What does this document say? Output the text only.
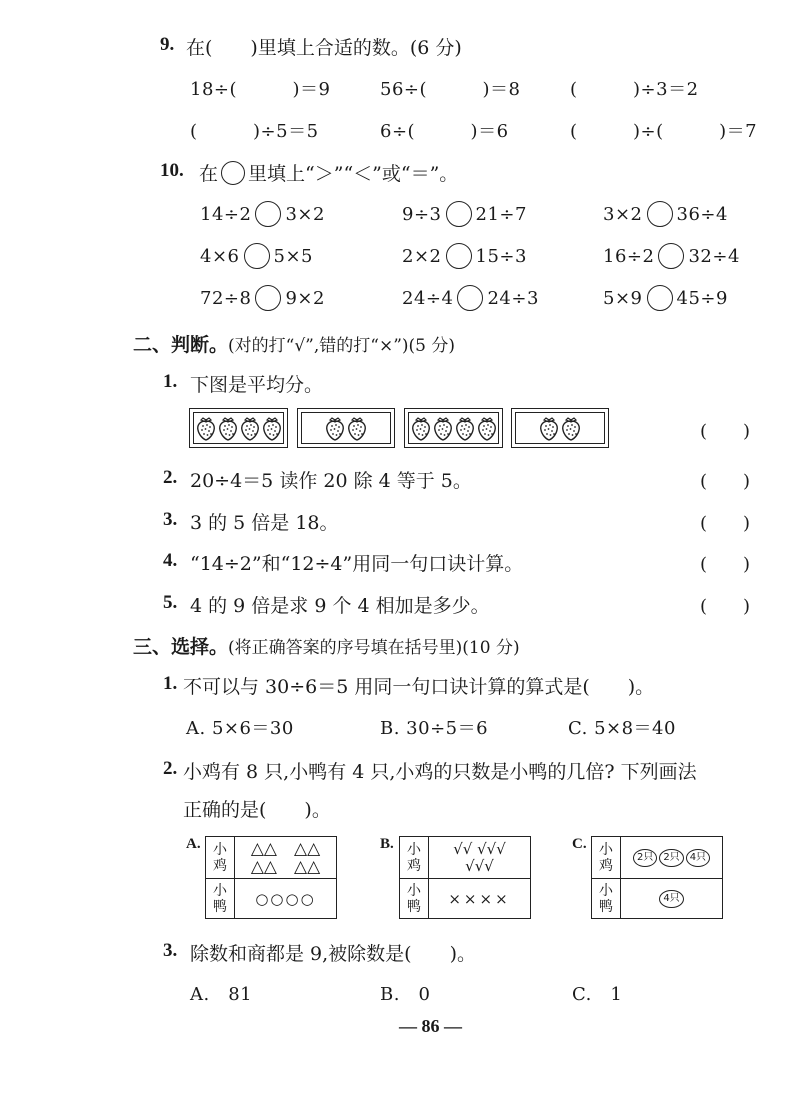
9. 在(　　)里填上合适的数。(6 分)
18÷(　　　)＝9	56÷(　　　)＝8	(　　　)÷3＝2
(　　　)÷5＝5	6÷(　　　)＝6	(　　　)÷(　　　)＝7
10. 在 里填上“＞”“＜”或“＝”。
二、判断。(对的打“√”,错的打“×”)(5 分)
1. 下图是平均分。
(　　)
2. 20÷4＝5 读作 20 除 4 等于 5。	(　　)
3. 3 的 5 倍是 18。	(　　)
4. “14÷2”和“12÷4”用同一句口诀计算。	(　　)
5. 4 的 9 倍是求 9 个 4 相加是多少。	(　　)
三、选择。(将正确答案的序号填在括号里)(10 分)
1. 不可以与 30÷6＝5 用同一句口诀计算的算式是(　　)。
A. 5×6＝30	B. 30÷5＝6	C. 5×8＝40
2. 小鸡有 8 只,小鸭有 4 只,小鸡的只数是小鸭的几倍? 下列画法
正确的是(　　)。
A. 小
鸡	△△　△△
△△　△△
小
鸭	○○○○
B. 小
鸡	√√ √√√
√√√
小
鸭	××××
C. 小
鸡	2只 2只 4只

小
鸭	4只
3. 除数和商都是 9,被除数是(　　)。
A.　81	B.　0	C.　1
— 86 —
14÷2 3×2	9÷3 21÷7	3×2 36÷4
4×6 5×5	2×2 15÷3	16÷2 32÷4
72÷8 9×2	24÷4 24÷3	5×9 45÷9
